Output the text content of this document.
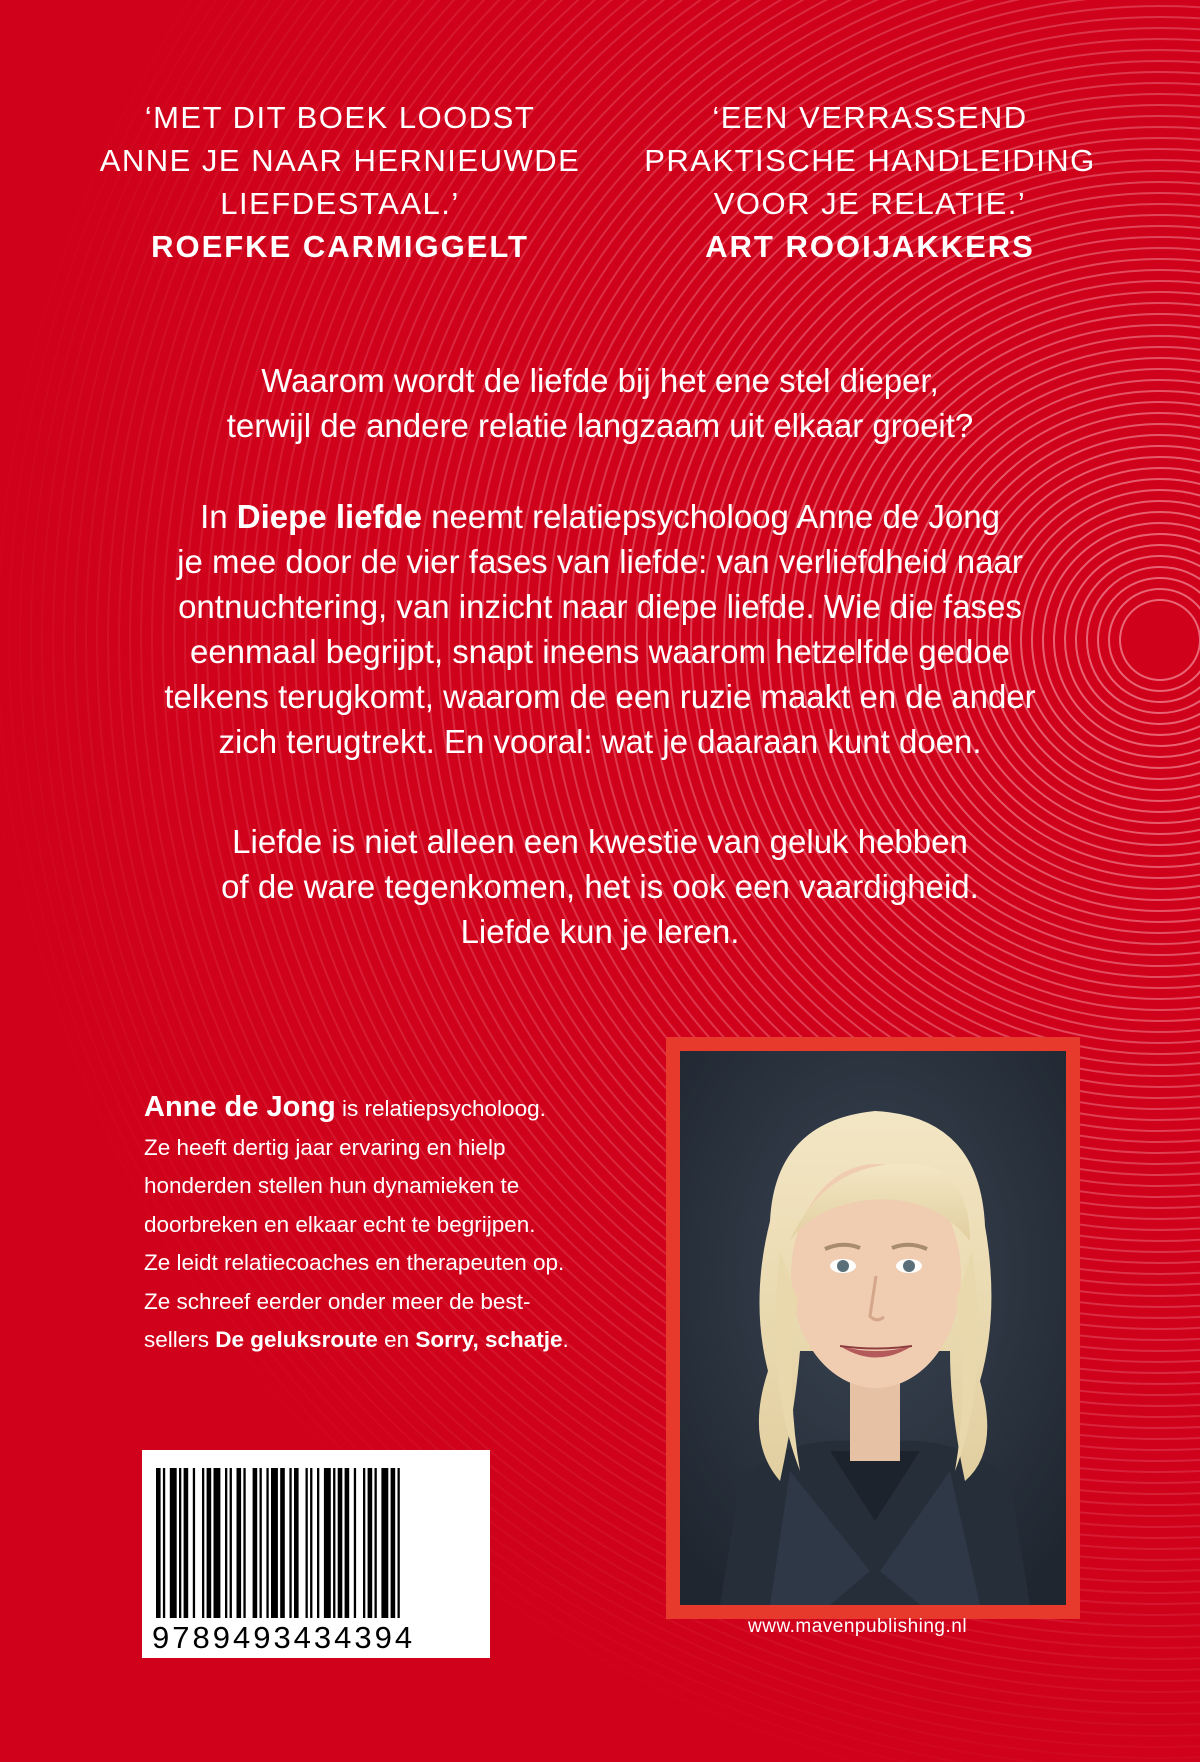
‘MET DIT BOEK LOODST
ANNE JE NAAR HERNIEUWDE
LIEFDESTAAL.’
ROEFKE CARMIGGELT
‘EEN VERRASSEND
PRAKTISCHE HANDLEIDING
VOOR JE RELATIE.’
ART ROOIJAKKERS
Waarom wordt de liefde bij het ene stel dieper,
terwijl de andere relatie langzaam uit elkaar groeit?
In Diepe liefde neemt relatiepsycholoog Anne de Jong
je mee door de vier fases van liefde: van verliefdheid naar
ontnuchtering, van inzicht naar diepe liefde. Wie die fases
eenmaal begrijpt, snapt ineens waarom hetzelfde gedoe
telkens terugkomt, waarom de een ruzie maakt en de ander
zich terugtrekt. En vooral: wat je daaraan kunt doen.
Liefde is niet alleen een kwestie van geluk hebben
of de ware tegenkomen, het is ook een vaardigheid.
Liefde kun je leren.
Anne de Jong is relatiepsycholoog.
Ze heeft dertig jaar ervaring en hielp
honderden stellen hun dynamieken te
doorbreken en elkaar echt te begrijpen.
Ze leidt relatiecoaches en therapeuten op.
Ze schreef eerder onder meer de best-
sellers De geluksroute en Sorry, schatje.
9789493434394	www.mavenpublishing.nl
